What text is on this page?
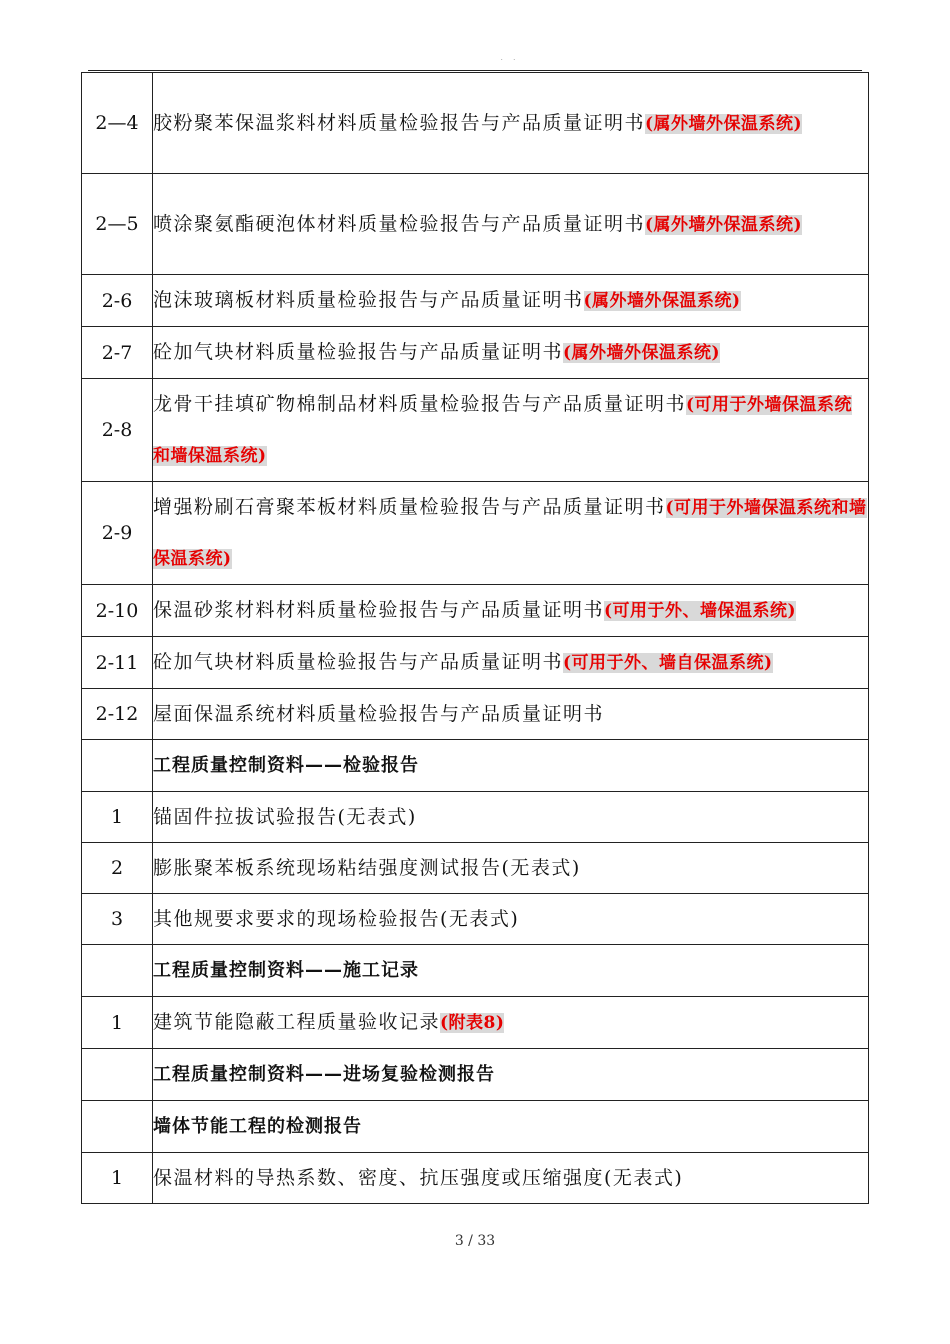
· ·
2—4	胶粉聚苯保温浆料材料质量检验报告与产品质量证明书(属外墙外保温系统)
2—5	喷涂聚氨酯硬泡体材料质量检验报告与产品质量证明书(属外墙外保温系统)
2-6	泡沫玻璃板材料质量检验报告与产品质量证明书(属外墙外保温系统)
2-7	砼加气块材料质量检验报告与产品质量证明书(属外墙外保温系统)
2-8	龙骨干挂填矿物棉制品材料质量检验报告与产品质量证明书(可用于外墙保温系统和墙保温系统)
2-9	增强粉刷石膏聚苯板材料质量检验报告与产品质量证明书(可用于外墙保温系统和墙保温系统)
2-10	保温砂浆材料材料质量检验报告与产品质量证明书(可用于外、墙保温系统)
2-11	砼加气块材料质量检验报告与产品质量证明书(可用于外、墙自保温系统)
2-12	屋面保温系统材料质量检验报告与产品质量证明书
	工程质量控制资料——检验报告
1	锚固件拉拔试验报告(无表式)
2	膨胀聚苯板系统现场粘结强度测试报告(无表式)
3	其他规要求要求的现场检验报告(无表式)
	工程质量控制资料——施工记录
1	建筑节能隐蔽工程质量验收记录(附表8)
	工程质量控制资料——进场复验检测报告
	墙体节能工程的检测报告
1	保温材料的导热系数、密度、抗压强度或压缩强度(无表式)
3 / 33
